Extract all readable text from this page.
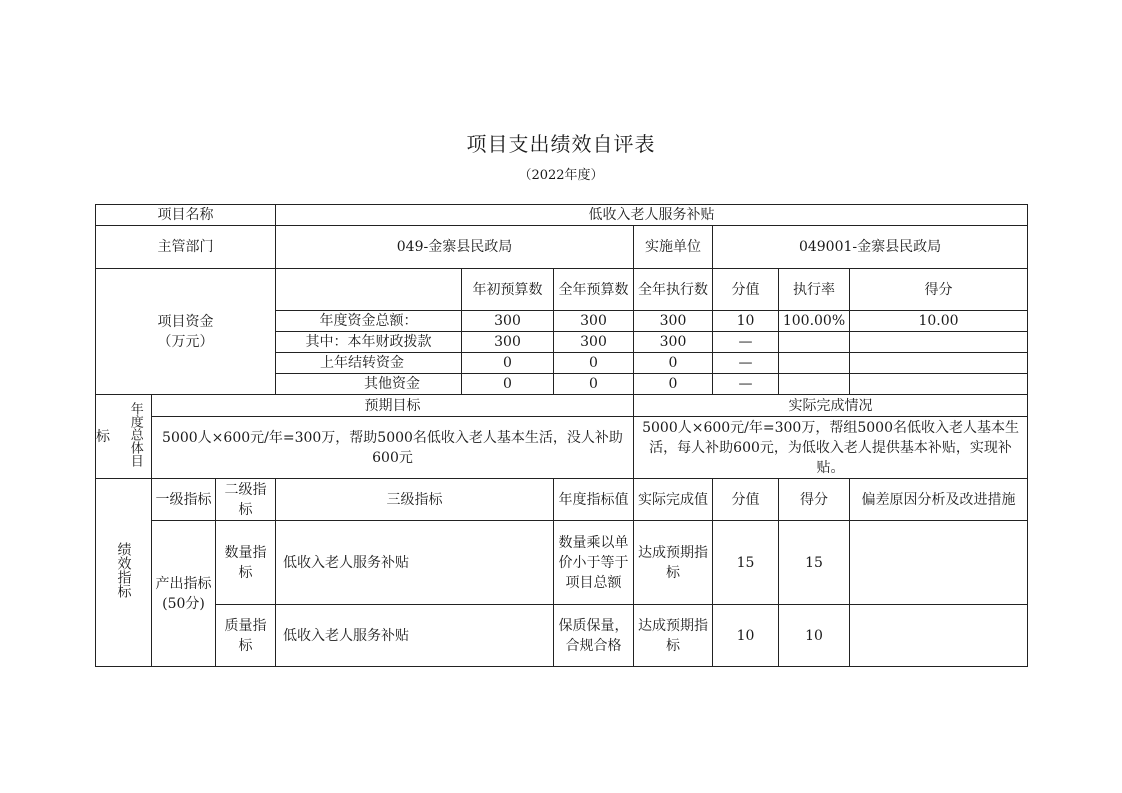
项目支出绩效自评表
（2022年度）
项目名称				低收入老人服务补贴						
主管部门				049-金寨县民政局			实施单位	049001-金寨县民政局		

项目资金
（万元）					年初预算数	全年预算数	全年执行数	分值	执行率	得分
				年度资金总额：	300	300	300	10	100.00%	10.00
				其中：本年财政拨款	300	300	300	—		
				上年结转资金	0	0	0	—		
				其他资金	0	0	0	—		
标	年度总体目	预期目标					实际完成情况			
		5000人×600元/年=300万，帮助5000名低收入老人基本生活，没人补助600元					5000人×600元/年=300万，帮组5000名低收入老人基本生活，每人补助600元，为低收入老人提供基本补贴，实现补贴。			
绩效指标		一级指标	二级指标	三级指标		年度指标值	实际完成值	分值	得分	偏差原因分析及改进措施
		产出指标(50分)	数量指标	低收入老人服务补贴		数量乘以单价小于等于项目总额	达成预期指标	15	15	
			质量指标	低收入老人服务补贴		保质保量，合规合格	达成预期指标	10	10	
